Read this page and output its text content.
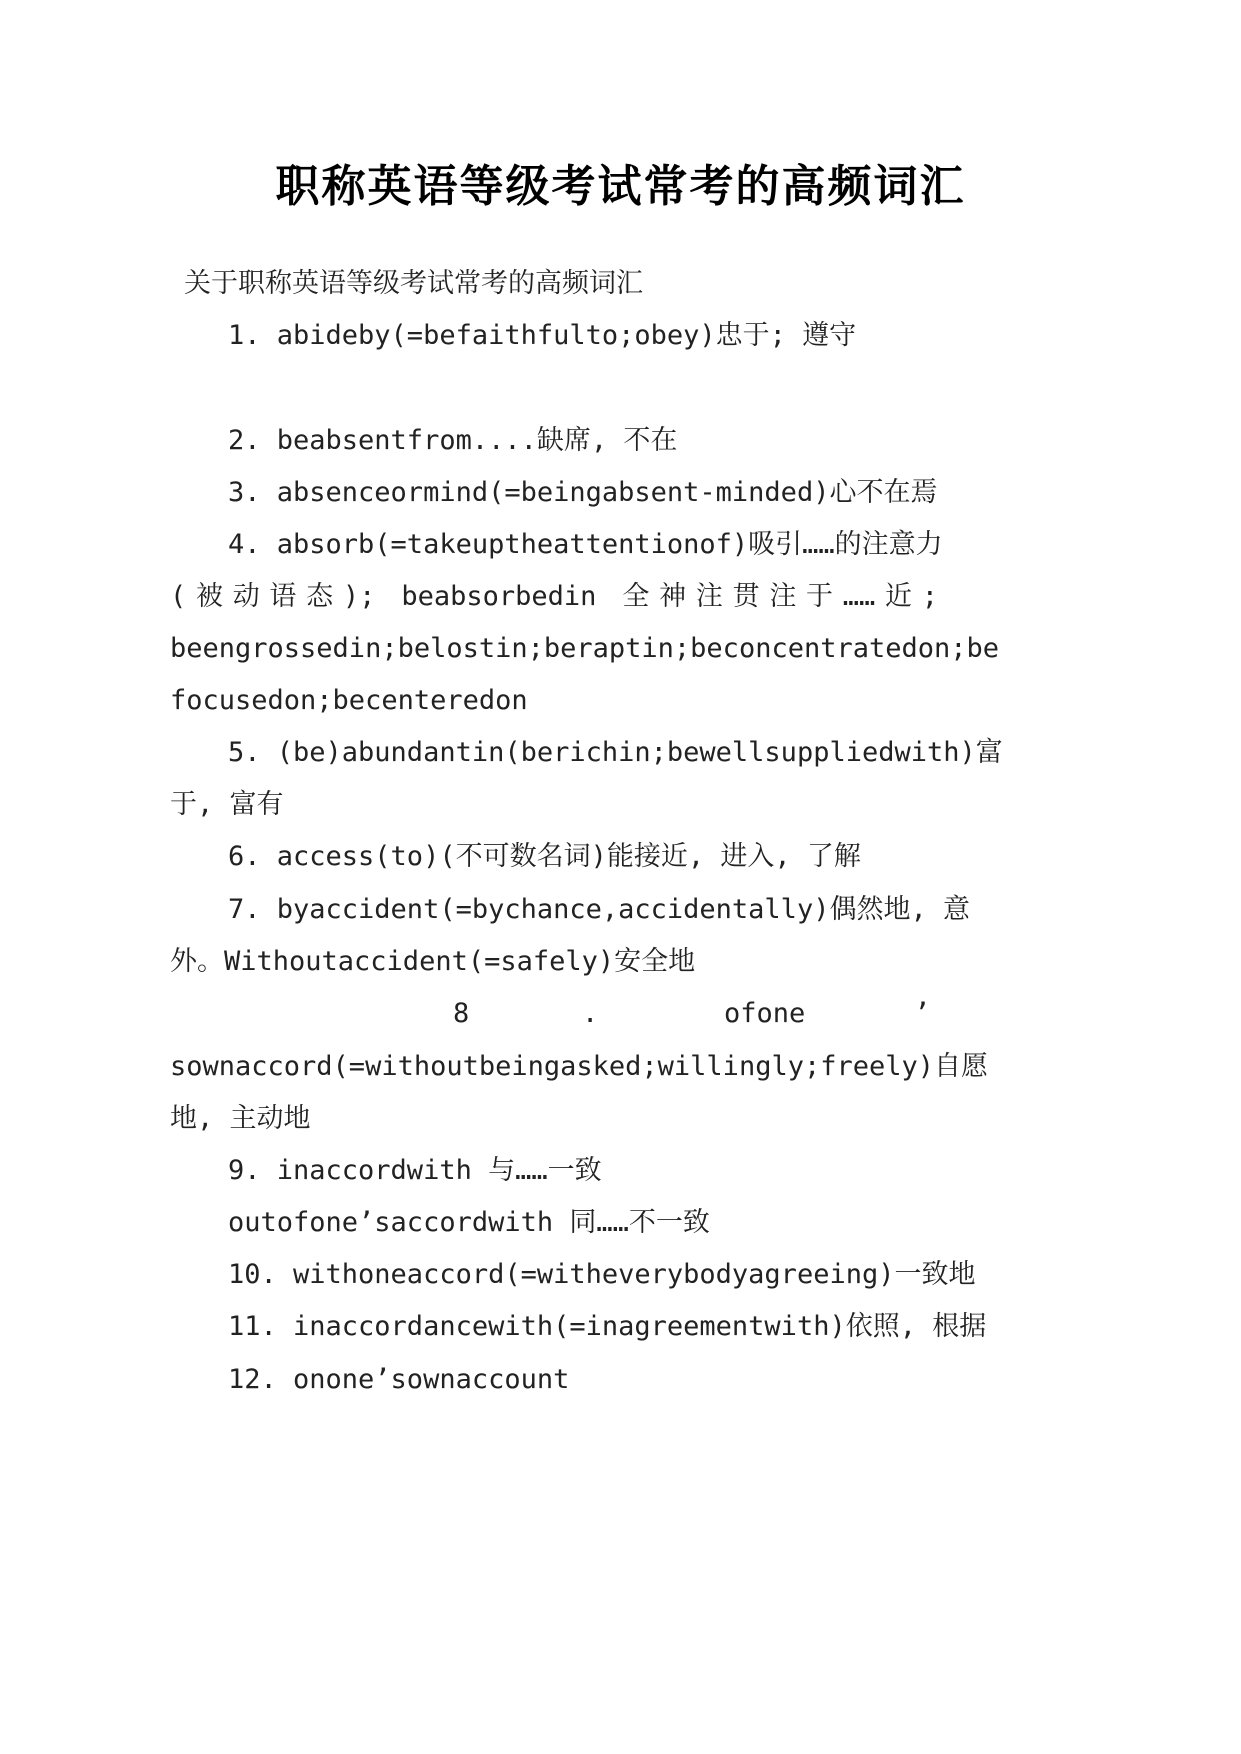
职称英语等级考试常考的高频词汇
关于职称英语等级考试常考的高频词汇
1. abideby(=befaithfulto;obey)忠于; 遵守
2. beabsentfrom....缺席, 不在
3. absenceormind(=beingabsent-minded)心不在焉
4. absorb(=takeuptheattentionof)吸引……的注意力
(被动语态); beabsorbedin 全神注贯注于……近;
beengrossedin;belostin;beraptin;beconcentratedon;be
focusedon;becenteredon
5. (be)abundantin(berichin;bewellsuppliedwith)富
于, 富有
6. access(to)(不可数名词)能接近, 进入, 了解
7. byaccident(=bychance,accidentally)偶然地, 意
外。Withoutaccident(=safely)安全地
8	.	ofone	’
sownaccord(=withoutbeingasked;willingly;freely)自愿
地, 主动地
9. inaccordwith 与……一致
outofone’saccordwith 同……不一致
10. withoneaccord(=witheverybodyagreeing)一致地
11. inaccordancewith(=inagreementwith)依照, 根据
12. onone’sownaccount
